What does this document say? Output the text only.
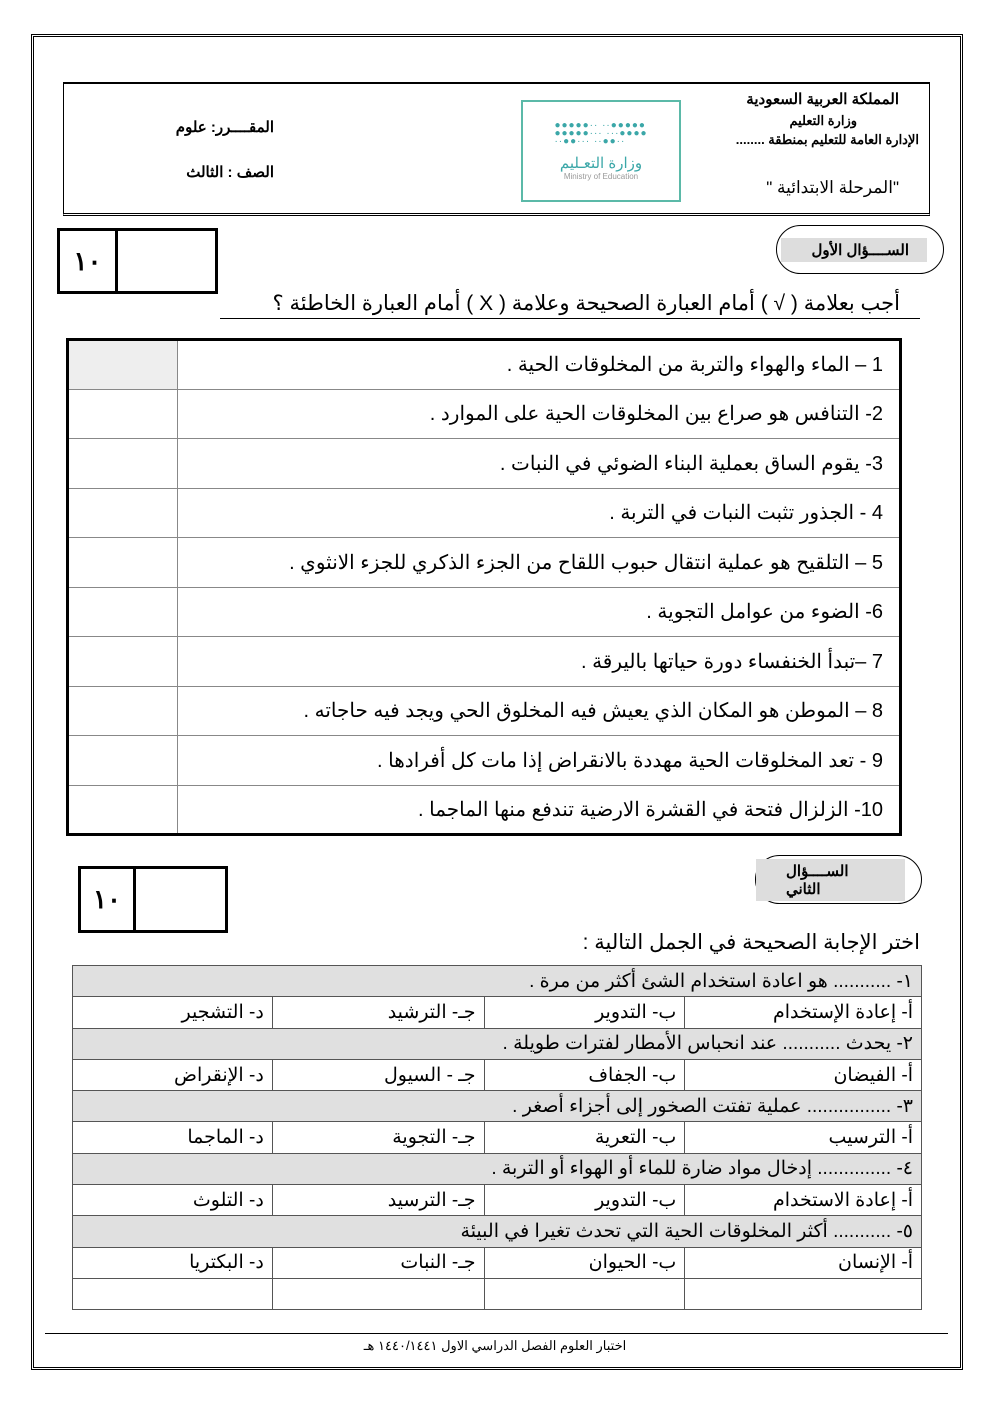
المملكة العربية السعودية
وزارة التعليم
الإدارة العامة للتعليم بمنطقة ........
"المرحلة الابتدائية "
المقــــرر: علوم
الصف : الثالث
●●●●●·· ··●●●●●
●●●●●··· ···●●●●
··●●··· ··●●··
وزارة التعـليم
Ministry of Education
١٠	الســــؤال الأول
أجب بعلامة ( √ ) أمام العبارة الصحيحة وعلامة ( X ) أمام العبارة الخاطئة ؟
1 – الماء والهواء والتربة من المخلوقات الحية .	
2- التنافس هو صراع بين المخلوقات الحية على الموارد .	
3- يقوم الساق بعملية البناء الضوئي في النبات .	
4 - الجذور تثبت النبات في التربة .	
5 – التلقيح هو عملية انتقال حبوب اللقاح من الجزء الذكري للجزء الانثوي .	
6- الضوء من عوامل التجوية .	
7 –تبدأ الخنفساء دورة حياتها باليرقة .	
8 – الموطن هو المكان الذي يعيش فيه المخلوق الحي ويجد فيه حاجاته .	
9 - تعد المخلوقات الحية مهددة بالانقراض إذا مات كل أفرادها .	
10- الزلزال فتحة في القشرة الارضية تندفع منها الماجما .	
١٠
الســــؤال الثاني
اختر الإجابة الصحيحة في الجمل التالية :
١- ........... هو اعادة استخدام الشئ أكثر من مرة .			
أ- إعادة الإستخدام	ب- التدوير	جـ- الترشيد	د- التشجير
٢- يحدث ........... عند انحباس الأمطار لفترات طويلة .			
أ- الفيضان	ب- الجفاف	جـ - السيول	د- الإنقراض
٣- ................ عملية تفتت الصخور إلى أجزاء أصغر .			
أ- الترسيب	ب- التعرية	جـ- التجوية	د- الماجما
٤- .............. إدخال مواد ضارة للماء أو الهواء أو التربة .			
أ- إعادة الاستخدام	ب- التدوير	جـ- الترسيد	د- التلوث
٥- ........... أكثر المخلوقات الحية التي تحدث تغيرا في البيئة			
أ- الإنسان	ب- الحيوان	جـ- النبات	د- البكتريا

اختبار العلوم الفصل الدراسي الاول ١٤٤٠/١٤٤١ هـ
